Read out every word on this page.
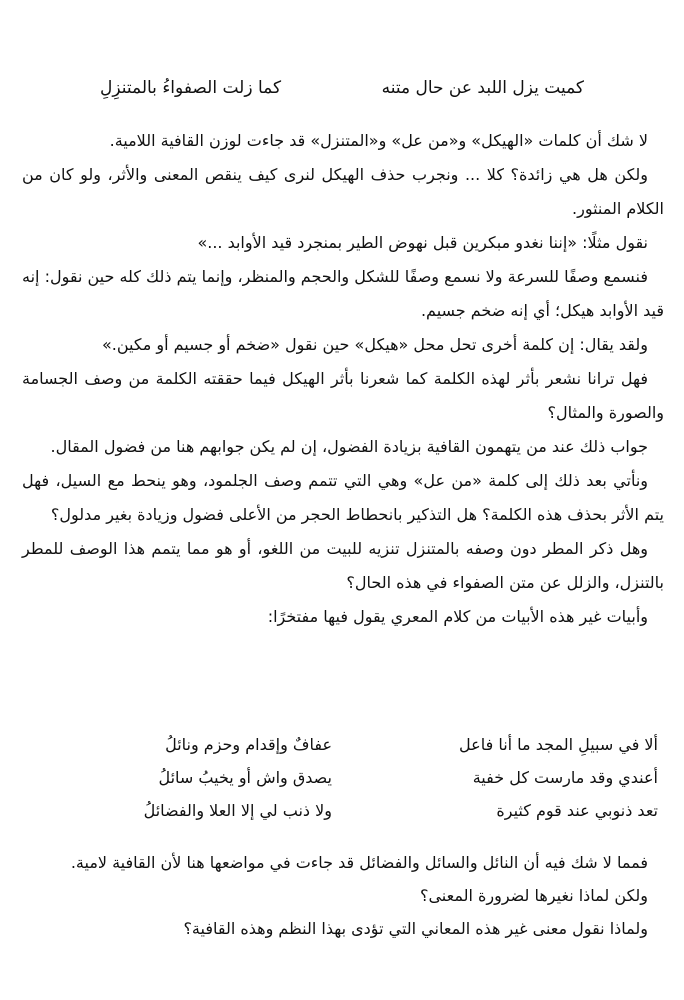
كميت يزل اللبد عن حال متنه
كما زلت الصفواءُ بالمتنزِلِ

لا شك أن كلمات «الهيكل» و«من عل» و«المتنزل» قد جاءت لوزن القافية اللامية.

ولكن هل هي زائدة؟ كلا ... ونجرب حذف الهيكل لنرى كيف ينقص المعنى والأثر، ولو كان من الكلام المنثور.

نقول مثلًا: «إننا نغدو مبكرين قبل نهوض الطير بمنجرد قيد الأوابد ...»

فنسمع وصفًا للسرعة ولا نسمع وصفًا للشكل والحجم والمنظر، وإنما يتم ذلك كله حين نقول: إنه قيد الأوابد هيكل؛ أي إنه ضخم جسيم.

ولقد يقال: إن كلمة أخرى تحل محل «هيكل» حين نقول «ضخم أو جسيم أو مكين.»

فهل ترانا نشعر بأثر لهذه الكلمة كما شعرنا بأثر الهيكل فيما حققته الكلمة من وصف الجسامة والصورة والمثال؟

جواب ذلك عند من يتهمون القافية بزيادة الفضول، إن لم يكن جوابهم هنا من فضول المقال.

ونأتي بعد ذلك إلى كلمة «من عل» وهي التي تتمم وصف الجلمود، وهو ينحط مع السيل، فهل يتم الأثر بحذف هذه الكلمة؟ هل التذكير بانحطاط الحجر من الأعلى فضول وزيادة بغير مدلول؟

وهل ذكر المطر دون وصفه بالمتنزل تنزيه للبيت من اللغو، أو هو مما يتمم هذا الوصف للمطر بالتنزل، والزلل عن متن الصفواء في هذه الحال؟

وأبيات غير هذه الأبيات من كلام المعري يقول فيها مفتخرًا:

ألا في سبيلِ المجد ما أنا فاعل
عفافٌ وإقدام وحزم ونائلُ
أعندي وقد مارست كل خفية
يصدق واش أو يخيبُ سائلُ
تعد ذنوبي عند قوم كثيرة
ولا ذنب لي إلا العلا والفضائلُ

فمما لا شك فيه أن النائل والسائل والفضائل قد جاءت في مواضعها هنا لأن القافية لامية.

ولكن لماذا نغيرها لضرورة المعنى؟

ولماذا نقول معنى غير هذه المعاني التي تؤدى بهذا النظم وهذه القافية؟
